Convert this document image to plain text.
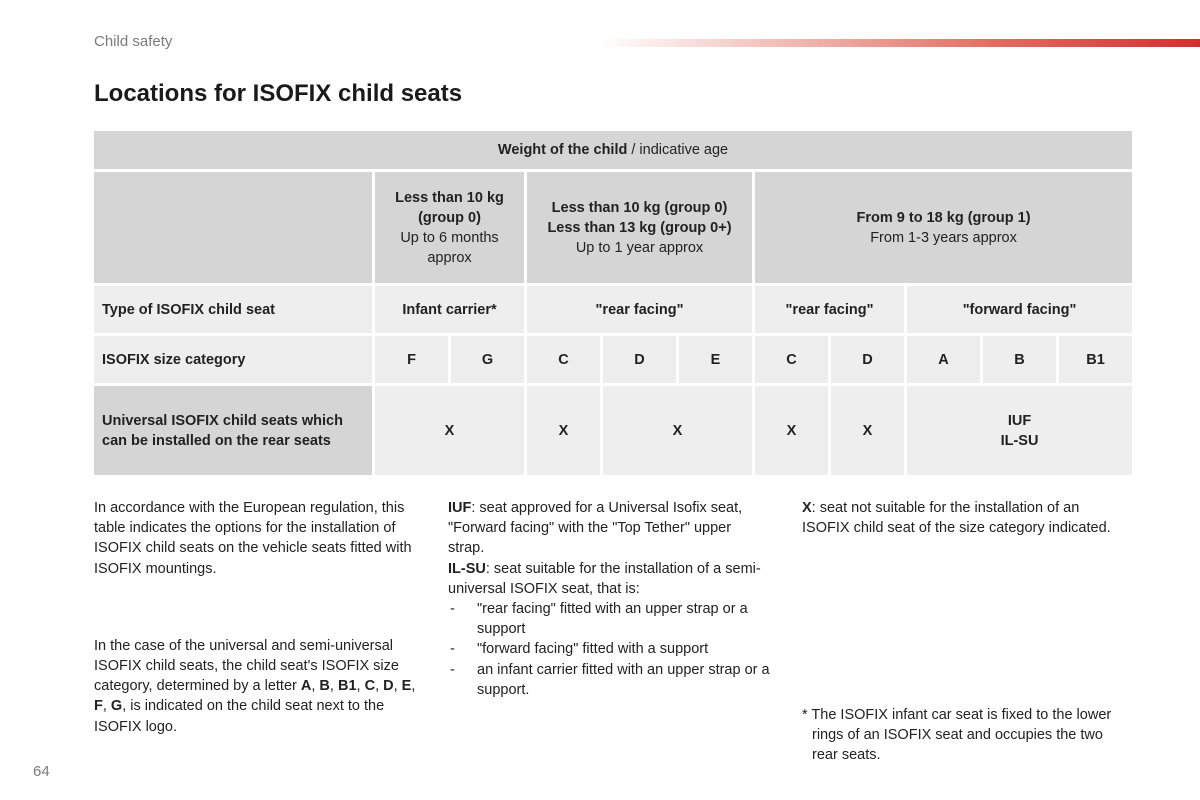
Child safety
Locations for ISOFIX child seats
Weight of the child / indicative age										
	Less than 10 kg
(group 0)
Up to 6 months
approx		Less than 10 kg (group 0)
Less than 13 kg (group 0+)
Up to 1 year approx			From 9 to 18 kg (group 1)
From 1-3 years approx				
Type of ISOFIX child seat	Infant carrier*		"rear facing"			"rear facing"		"forward facing"		
ISOFIX size category	F	G	C	D	E	C	D	A	B	B1
Universal ISOFIX child seats which
can be installed on the rear seats	X		X	X		X	X	IUF
IL-SU		

In accordance with the European regulation, this table indicates the options for the installation of ISOFIX child seats on the vehicle seats fitted with ISOFIX mountings.

In the case of the universal and semi-universal ISOFIX child seats, the child seat's ISOFIX size category, determined by a letter A, B, B1, C, D, E, F, G, is indicated on the child seat next to the ISOFIX logo.

IUF: seat approved for a Universal Isofix seat, "Forward facing" with the "Top Tether" upper strap.

IL-SU: seat suitable for the installation of a semi-universal ISOFIX seat, that is:

- "rear facing" fitted with an upper strap or a support
- "forward facing" fitted with a support
- an infant carrier fitted with an upper strap or a support.

X: seat not suitable for the installation of an ISOFIX child seat of the size category indicated.

* The ISOFIX infant car seat is fixed to the lower rings of an ISOFIX seat and occupies the two rear seats.
64
